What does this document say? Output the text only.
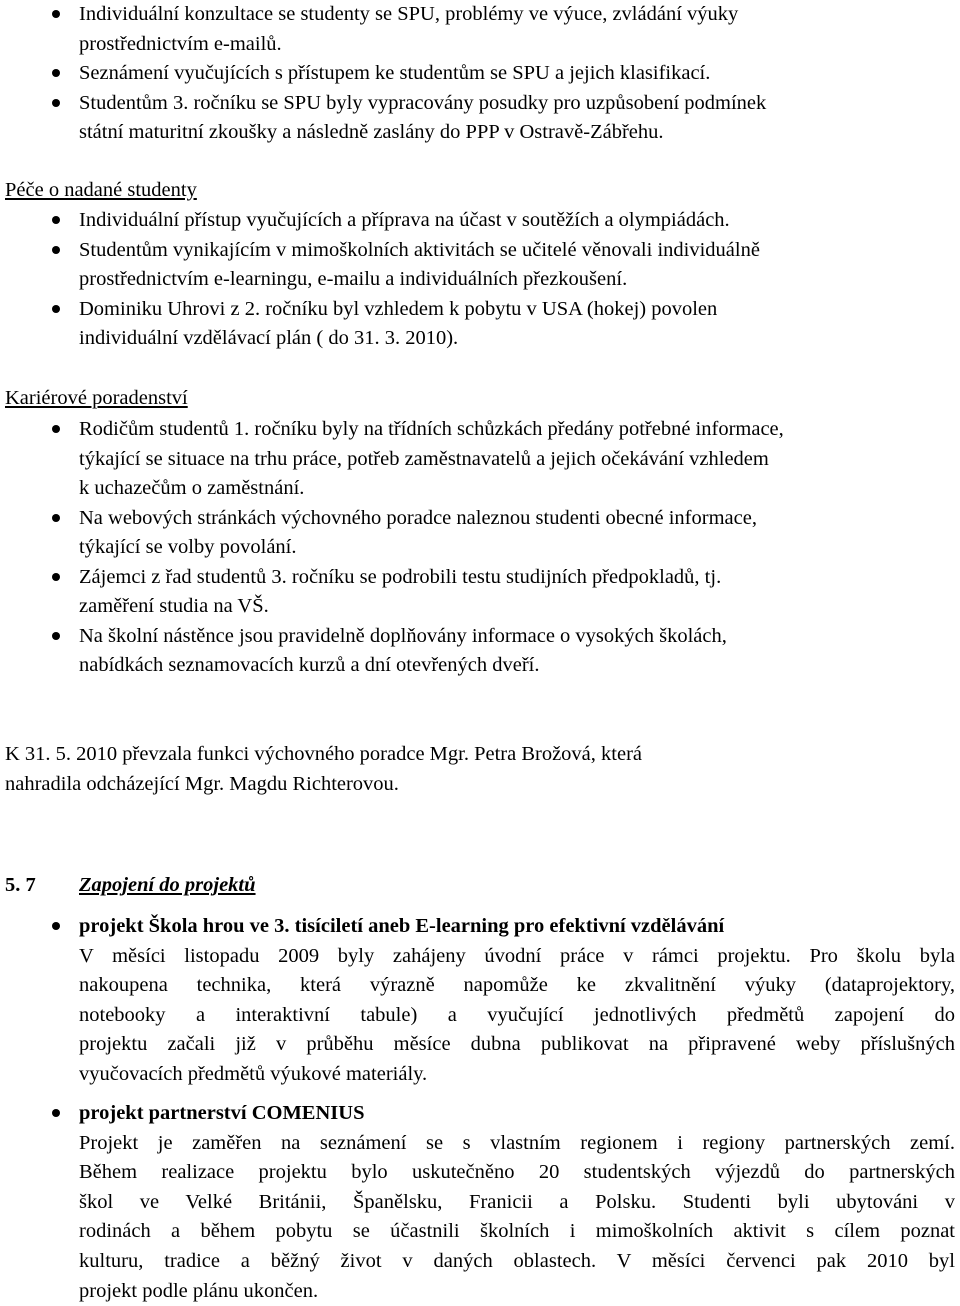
Individuální konzultace se studenty se SPU, problémy ve výuce, zvládání výuky
prostřednictvím e-mailů.
Seznámení vyučujících s přístupem ke studentům se SPU a jejich klasifikací.
Studentům 3. ročníku se SPU byly vypracovány posudky pro uzpůsobení podmínek
státní maturitní zkoušky a následně zaslány do PPP v Ostravě-Zábřehu.
Péče o nadané studenty
Individuální přístup vyučujících a příprava na účast v soutěžích a olympiádách.
Studentům vynikajícím v mimoškolních aktivitách se učitelé věnovali individuálně
prostřednictvím e-learningu, e-mailu a individuálních přezkoušení.
Dominiku Uhrovi z 2. ročníku byl vzhledem k pobytu v USA (hokej) povolen
individuální vzdělávací plán ( do 31. 3. 2010).
Kariérové poradenství
Rodičům studentů 1. ročníku byly na třídních schůzkách předány potřebné informace,
týkající se situace na trhu práce, potřeb zaměstnavatelů a jejich očekávání vzhledem
k uchazečům o zaměstnání.
Na webových stránkách výchovného poradce naleznou studenti obecné informace,
týkající se volby povolání.
Zájemci z řad studentů 3. ročníku se podrobili testu studijních předpokladů, tj.
zaměření studia na VŠ.
Na školní nástěnce jsou pravidelně doplňovány informace o vysokých školách,
nabídkách seznamovacích kurzů a dní otevřených dveří.
K 31. 5. 2010 převzala funkci výchovného poradce Mgr. Petra Brožová, která
nahradila odcházející Mgr. Magdu Richterovou.
5. 7 Zapojení do projektů
projekt Škola hrou ve 3. tisíciletí aneb E-learning pro efektivní vzdělávání
V měsíci listopadu 2009 byly zahájeny úvodní práce v rámci projektu. Pro školu byla
nakoupena technika, která výrazně napomůže ke zkvalitnění výuky (dataprojektory,
notebooky a interaktivní tabule) a vyučující jednotlivých předmětů zapojení do
projektu začali již v průběhu měsíce dubna publikovat na připravené weby příslušných
vyučovacích předmětů výukové materiály.
projekt partnerství COMENIUS
Projekt je zaměřen na seznámení se s vlastním regionem i regiony partnerských zemí.
Během realizace projektu bylo uskutečněno 20 studentských výjezdů do partnerských
škol ve Velké Británii, Španělsku, Franicii a Polsku. Studenti byli ubytováni v
rodinách a během pobytu se účastnili školních i mimoškolních aktivit s cílem poznat
kulturu, tradice a běžný život v daných oblastech. V měsíci červenci pak 2010 byl
projekt podle plánu ukončen.
